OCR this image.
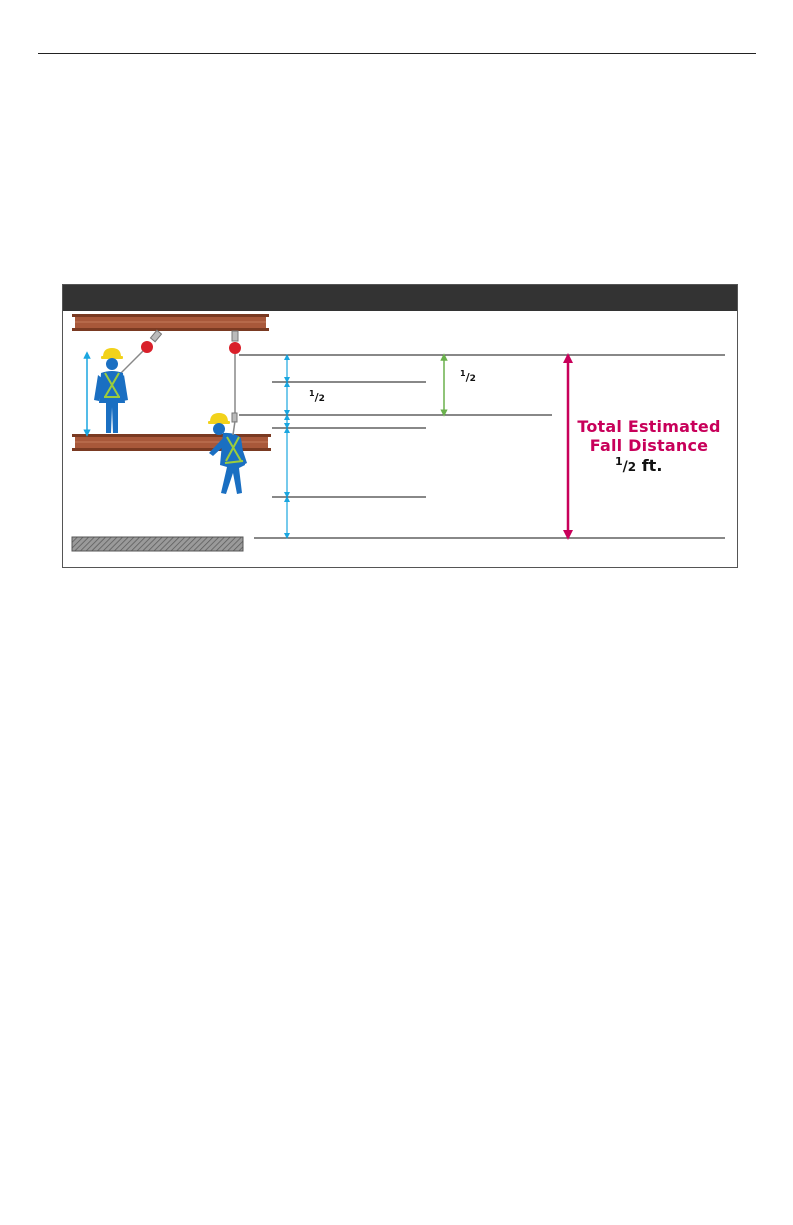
$^1$/2
$^1$/2
Total Estimated
Fall Distance
$^1$/2 ft.
